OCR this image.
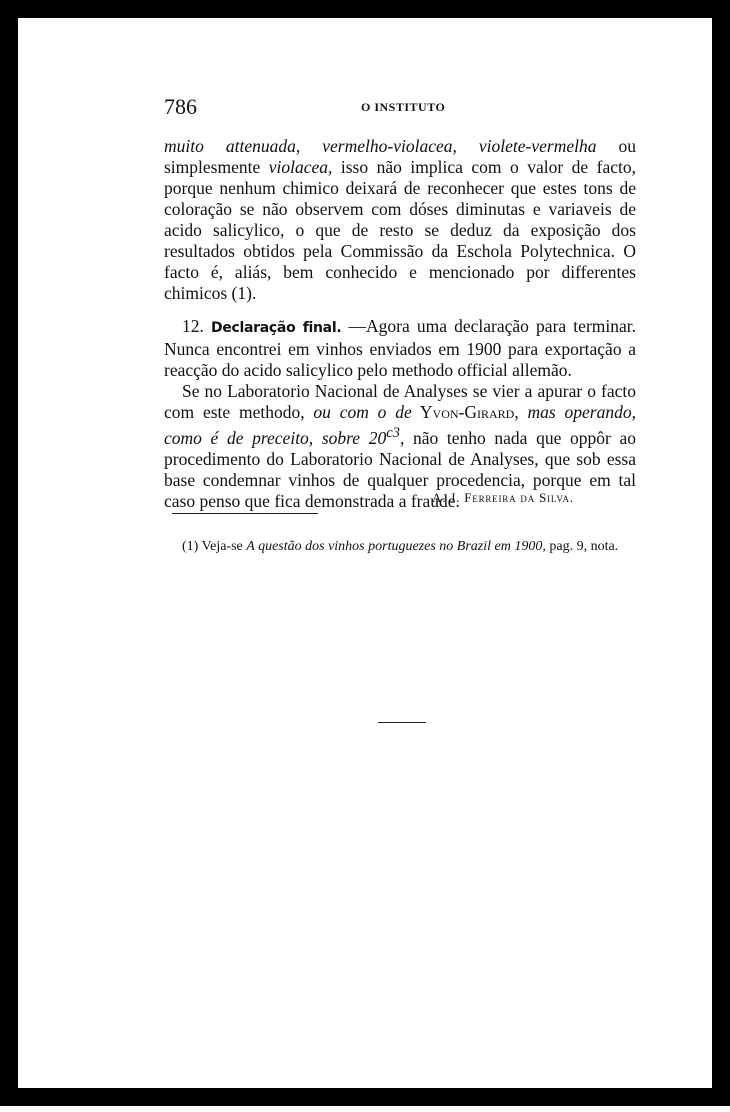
786	O INSTITUTO

muito attenuada, vermelho-violacea, violete-vermelha ou simplesmente violacea, isso não implica com o valor de facto, porque nenhum chimico deixará de reconhecer que estes tons de coloração se não observem com dóses diminutas e variaveis de acido salicylico, o que de resto se deduz da exposição dos resultados obtidos pela Commissão da Eschola Polytechnica. O facto é, aliás, bem conhecido e mencionado por differentes chimicos (1).

12. Declaração final. —Agora uma declaração para terminar. Nunca encontrei em vinhos enviados em 1900 para exportação a reacção do acido salicylico pelo methodo official allemão.

Se no Laboratorio Nacional de Analyses se vier a apurar o facto com este methodo, ou com o de Yvon-Girard, mas operando, como é de preceito, sobre $20^{c3}$, não tenho nada que oppôr ao procedimento do Laboratorio Nacional de Analyses, que sob essa base condemnar vinhos de qualquer procedencia, porque em tal caso penso que fica demonstrada a fraude.

A. J. Ferreira da Silva.
(1) Veja-se A questão dos vinhos portuguezes no Brazil em 1900, pag. 9, nota.
